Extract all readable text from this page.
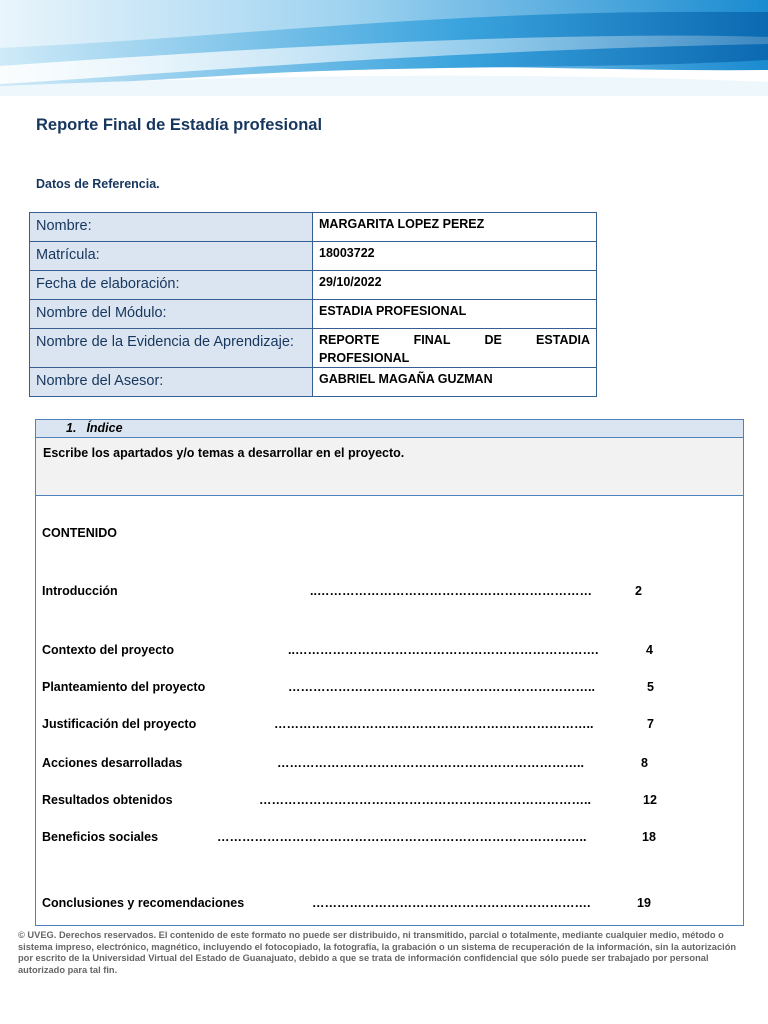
Reporte Final de Estadía profesional
Datos de Referencia.
Nombre:	MARGARITA LOPEZ PEREZ
Matrícula:	18003722
Fecha de elaboración:	29/10/2022
Nombre del Módulo:	ESTADIA PROFESIONAL
Nombre de la Evidencia de Aprendizaje:	REPORTE FINAL DE ESTADIA
PROFESIONAL
Nombre del Asesor:	GABRIEL MAGAÑA GUZMAN
1. Índice
Escribe los apartados y/o temas a desarrollar en el proyecto.
CONTENIDO
Introducción	..…………………………………………………………	2
Contexto del proyecto	..……………………………………………………………….	4
Planteamiento del proyecto	………………………………………………………………..	5
Justificación del proyecto	…………………………………………………………………..	7
Acciones desarrolladas	………………………………………………………………..	8
Resultados obtenidos	……………………………………………………………………..	12
Beneficios sociales	……………………………………………………………………………..	18
Conclusiones y recomendaciones	………………………………………………………….	19
© UVEG. Derechos reservados. El contenido de este formato no puede ser distribuido, ni transmitido, parcial o totalmente, mediante cualquier medio, método o sistema impreso, electrónico, magnético, incluyendo el fotocopiado, la fotografía, la grabación o un sistema de recuperación de la información, sin la autorización por escrito de la Universidad Virtual del Estado de Guanajuato, debido a que se trata de información confidencial que sólo puede ser trabajado por personal autorizado para tal fin.
